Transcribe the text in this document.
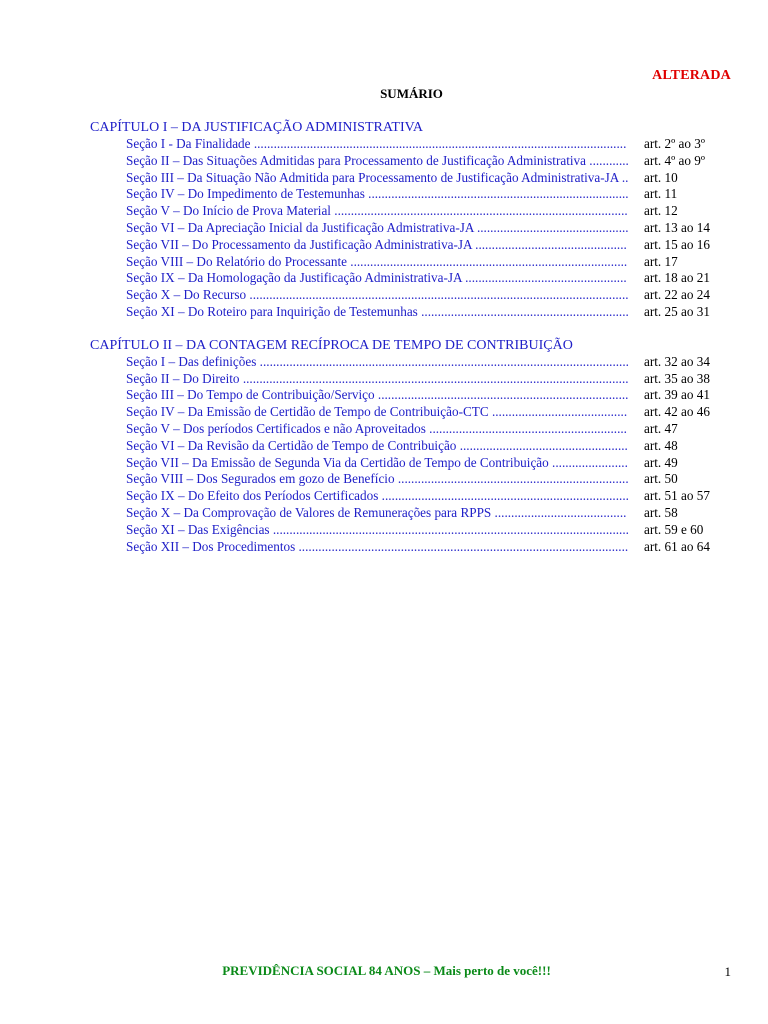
ALTERADA
SUMÁRIO
CAPÍTULO I – DA JUSTIFICAÇÃO ADMINISTRATIVA
Seção I - Da Finalidade ................................................................................................................. art. 2º ao 3º
Seção II – Das Situações Admitidas para Processamento de Justificação Administrativa ............ art. 4º ao 9º
Seção III – Da Situação Não Admitida para Processamento de Justificação Administrativa-JA .. art. 10
Seção IV – Do Impedimento de Testemunhas ............................................................................... art. 11
Seção V – Do Início de Prova Material ......................................................................................... art. 12
Seção VI – Da Apreciação Inicial da Justificação Admistrativa-JA .............................................. art. 13 ao 14
Seção VII – Do Processamento da Justificação Administrativa-JA .............................................. art. 15 ao 16
Seção VIII – Do Relatório do Processante .................................................................................... art. 17
Seção IX – Da Homologação da Justificação Administrativa-JA ................................................. art. 18 ao 21
Seção X – Do Recurso ................................................................................................................... art. 22 ao 24
Seção XI – Do Roteiro para Inquirição de Testemunhas ............................................................... art. 25 ao 31
CAPÍTULO II – DA CONTAGEM RECÍPROCA DE TEMPO DE CONTRIBUIÇÃO
Seção I – Das definições ................................................................................................................ art. 32 ao 34
Seção II – Do Direito ..................................................................................................................... art. 35 ao 38
Seção III – Do Tempo de Contribuição/Serviço ............................................................................ art. 39 ao 41
Seção IV – Da Emissão de Certidão de Tempo de Contribuição-CTC ......................................... art. 42 ao 46
Seção V – Dos períodos Certificados e não Aproveitados ............................................................ art. 47
Seção VI – Da Revisão da Certidão de Tempo de Contribuição ................................................... art. 48
Seção VII – Da Emissão de Segunda Via da Certidão de Tempo de Contribuição ....................... art. 49
Seção VIII – Dos Segurados em gozo de Benefício ...................................................................... art. 50
Seção IX – Do Efeito dos Períodos Certificados ........................................................................... art. 51 ao 57
Seção X – Da Comprovação de Valores de Remunerações para RPPS ........................................ art. 58
Seção XI – Das Exigências ............................................................................................................ art. 59 e 60
Seção XII – Dos Procedimentos .................................................................................................... art. 61 ao 64
PREVIDÊNCIA SOCIAL 84 ANOS – Mais perto de você!!!	1
